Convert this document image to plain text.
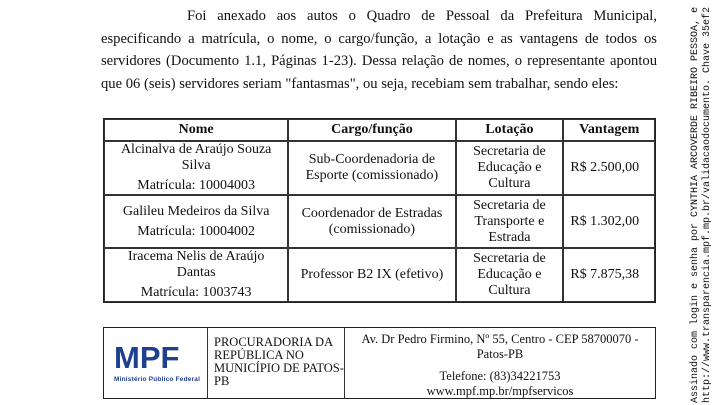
Foi anexado aos autos o Quadro de Pessoal da Prefeitura Municipal, especificando a matrícula, o nome, o cargo/função, a lotação e as vantagens de todos os servidores (Documento 1.1, Páginas 1-23). Dessa relação de nomes, o representante apontou que 06 (seis) servidores seriam "fantasmas", ou seja, recebiam sem trabalhar, sendo eles:

Nome	Cargo/função	Lotação	Vantagem
Alcinalva de Araújo Souza Silva
Matrícula: 10004003	Sub-Coordenadoria de Esporte (comissionado)	Secretaria de Educação e Cultura	R$ 2.500,00
Galileu Medeiros da Silva
Matrícula: 10004002	Coordenador de Estradas (comissionado)	Secretaria de Transporte e Estrada	R$ 1.302,00
Iracema Nelis de Araújo Dantas
Matrícula: 1003743	Professor B2 IX (efetivo)	Secretaria de Educação e Cultura	R$ 7.875,38
MPF
Ministério Público Federal
PROCURADORIA DA REPÚBLICA NO MUNICÍPIO DE PATOS-PB
Av. Dr Pedro Firmino, Nº 55, Centro - CEP 58700070 - Patos-PB
Telefone: (83)34221753
www.mpf.mp.br/mpfservicos	Assinado com login e senha por CYNTHIA ARCOVERDE RIBEIRO PESSOA, e http://www.transparencia.mpf.mp.br/validacaodocumento. Chave 35ef2
